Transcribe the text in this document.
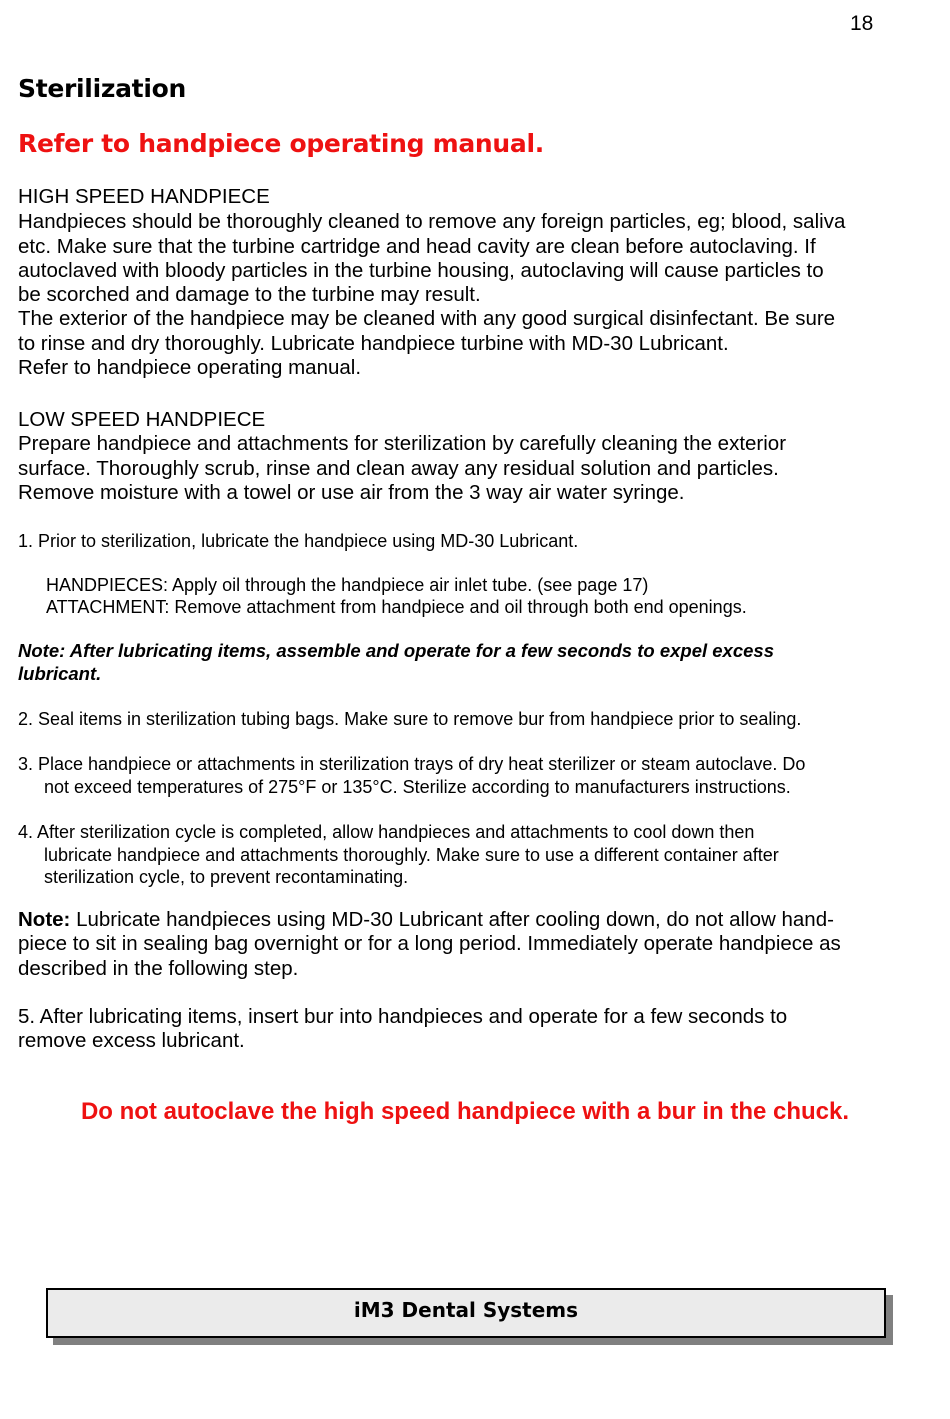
18
Sterilization
Refer to handpiece operating manual.
HIGH SPEED HANDPIECE
Handpieces should be thoroughly cleaned to remove any foreign particles, eg; blood, saliva
etc. Make sure that the turbine cartridge and head cavity are clean before autoclaving. If
autoclaved with bloody particles in the turbine housing, autoclaving will cause particles to
be scorched and damage to the turbine may result.
The exterior of the handpiece may be cleaned with any good surgical disinfectant. Be sure
to rinse and dry thoroughly. Lubricate handpiece turbine with MD-30 Lubricant.
Refer to handpiece operating manual.
LOW SPEED HANDPIECE
Prepare handpiece and attachments for sterilization by carefully cleaning the exterior
surface. Thoroughly scrub, rinse and clean away any residual solution and particles.
Remove moisture with a towel or use air from the 3 way air water syringe.
1. Prior to sterilization, lubricate the handpiece using MD-30 Lubricant.
HANDPIECES: Apply oil through the handpiece air inlet tube. (see page 17)
ATTACHMENT: Remove attachment from handpiece and oil through both end openings.
Note: After lubricating items, assemble and operate for a few seconds to expel excess
lubricant.
2. Seal items in sterilization tubing bags. Make sure to remove bur from handpiece prior to sealing.
3. Place handpiece or attachments in sterilization trays of dry heat sterilizer or steam autoclave. Do
not exceed temperatures of 275°F or 135°C. Sterilize according to manufacturers instructions.
4. After sterilization cycle is completed, allow handpieces and attachments to cool down then
lubricate handpiece and attachments thoroughly. Make sure to use a different container after
sterilization cycle, to prevent recontaminating.
Note: Lubricate handpieces using MD-30 Lubricant after cooling down, do not allow hand-
piece to sit in sealing bag overnight or for a long period. Immediately operate handpiece as
described in the following step.
5. After lubricating items, insert bur into handpieces and operate for a few seconds to
remove excess lubricant.
Do not autoclave the high speed handpiece with a bur in the chuck.
iM3 Dental Systems
